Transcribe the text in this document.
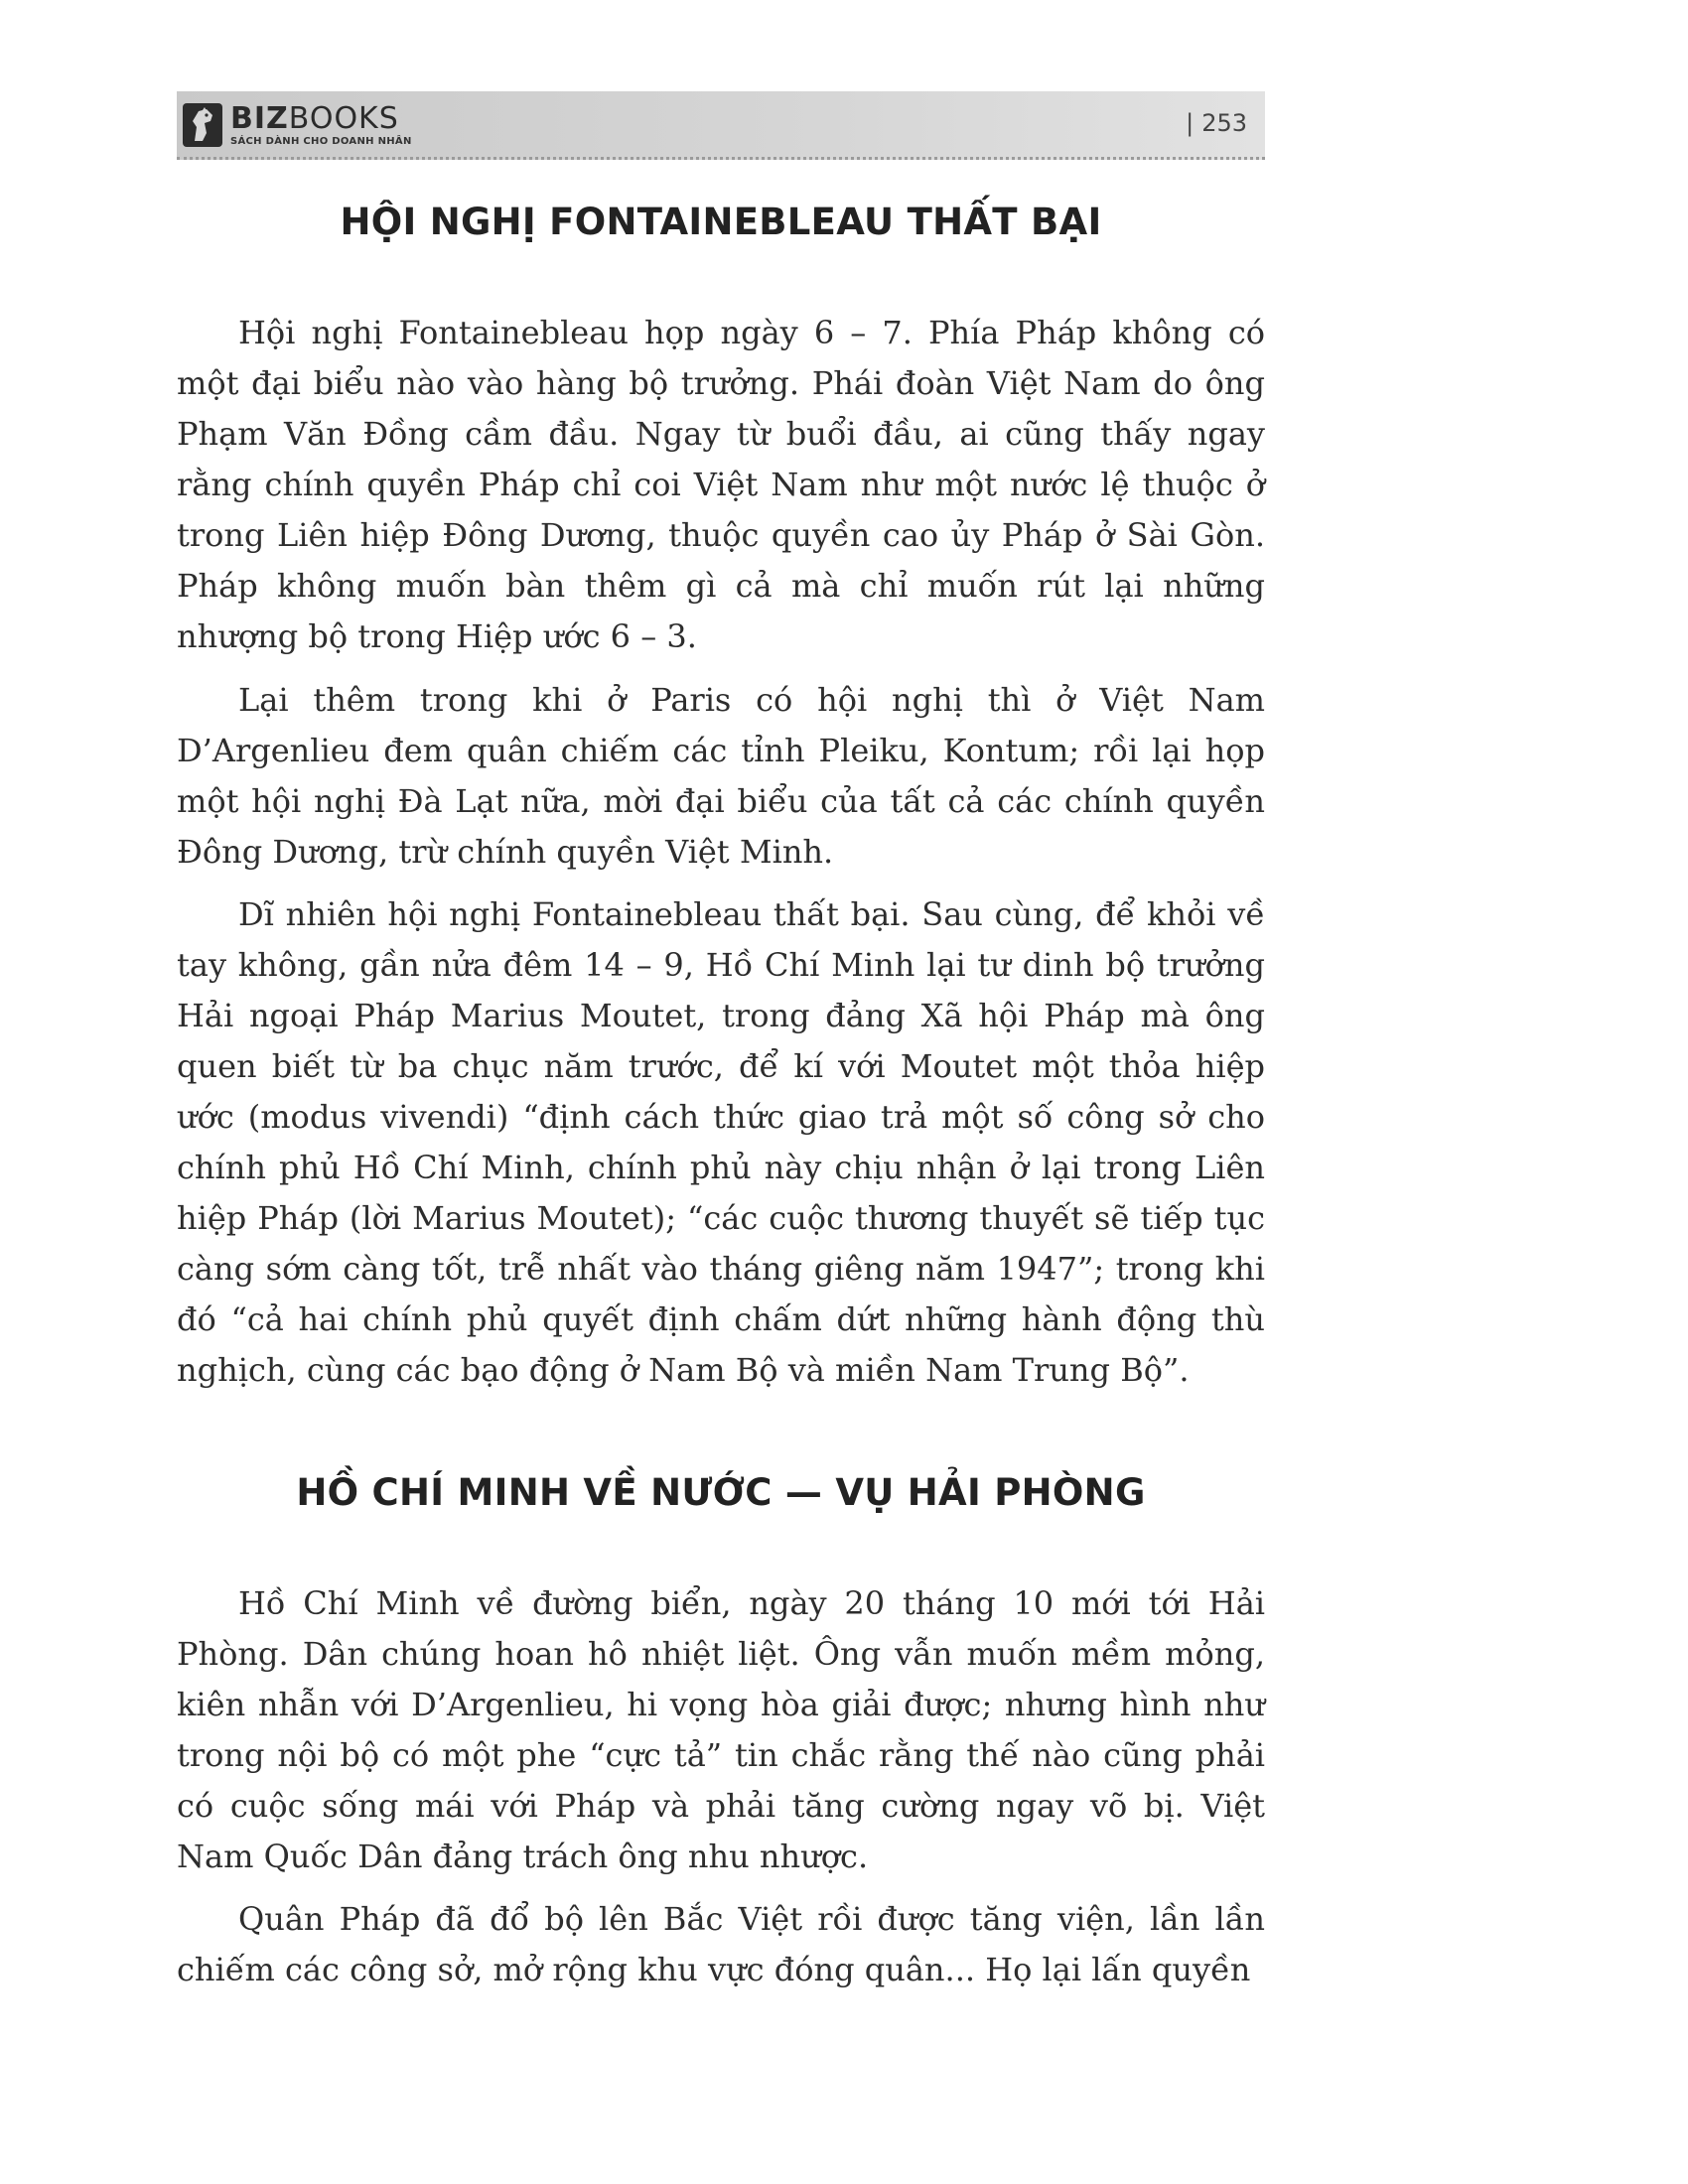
BIZBOOKS
SÁCH DÀNH CHO DOANH NHÂN
| 253
HỘI NGHỊ FONTAINEBLEAU THẤT BẠI

Hội nghị Fontainebleau họp ngày 6 – 7. Phía Pháp không có một đại biểu nào vào hàng bộ trưởng. Phái đoàn Việt Nam do ông Phạm Văn Đồng cầm đầu. Ngay từ buổi đầu, ai cũng thấy ngay rằng chính quyền Pháp chỉ coi Việt Nam như một nước lệ thuộc ở trong Liên hiệp Đông Dương, thuộc quyền cao ủy Pháp ở Sài Gòn. Pháp không muốn bàn thêm gì cả mà chỉ muốn rút lại những nhượng bộ trong Hiệp ước 6 – 3.

Lại thêm trong khi ở Paris có hội nghị thì ở Việt Nam D’Argenlieu đem quân chiếm các tỉnh Pleiku, Kontum; rồi lại họp một hội nghị Đà Lạt nữa, mời đại biểu của tất cả các chính quyền Đông Dương, trừ chính quyền Việt Minh.

Dĩ nhiên hội nghị Fontainebleau thất bại. Sau cùng, để khỏi về tay không, gần nửa đêm 14 – 9, Hồ Chí Minh lại tư dinh bộ trưởng Hải ngoại Pháp Marius Moutet, trong đảng Xã hội Pháp mà ông quen biết từ ba chục năm trước, để kí với Moutet một thỏa hiệp ước (modus vivendi) “định cách thức giao trả một số công sở cho chính phủ Hồ Chí Minh, chính phủ này chịu nhận ở lại trong Liên hiệp Pháp (lời Marius Moutet); “các cuộc thương thuyết sẽ tiếp tục càng sớm càng tốt, trễ nhất vào tháng giêng năm 1947”; trong khi đó “cả hai chính phủ quyết định chấm dứt những hành động thù nghịch, cùng các bạo động ở Nam Bộ và miền Nam Trung Bộ”.

HỒ CHÍ MINH VỀ NƯỚC — VỤ HẢI PHÒNG

Hồ Chí Minh về đường biển, ngày 20 tháng 10 mới tới Hải Phòng. Dân chúng hoan hô nhiệt liệt. Ông vẫn muốn mềm mỏng, kiên nhẫn với D’Argenlieu, hi vọng hòa giải được; nhưng hình như trong nội bộ có một phe “cực tả” tin chắc rằng thế nào cũng phải có cuộc sống mái với Pháp và phải tăng cường ngay võ bị. Việt Nam Quốc Dân đảng trách ông nhu nhược.

Quân Pháp đã đổ bộ lên Bắc Việt rồi được tăng viện, lần lần chiếm các công sở, mở rộng khu vực đóng quân... Họ lại lấn quyền
